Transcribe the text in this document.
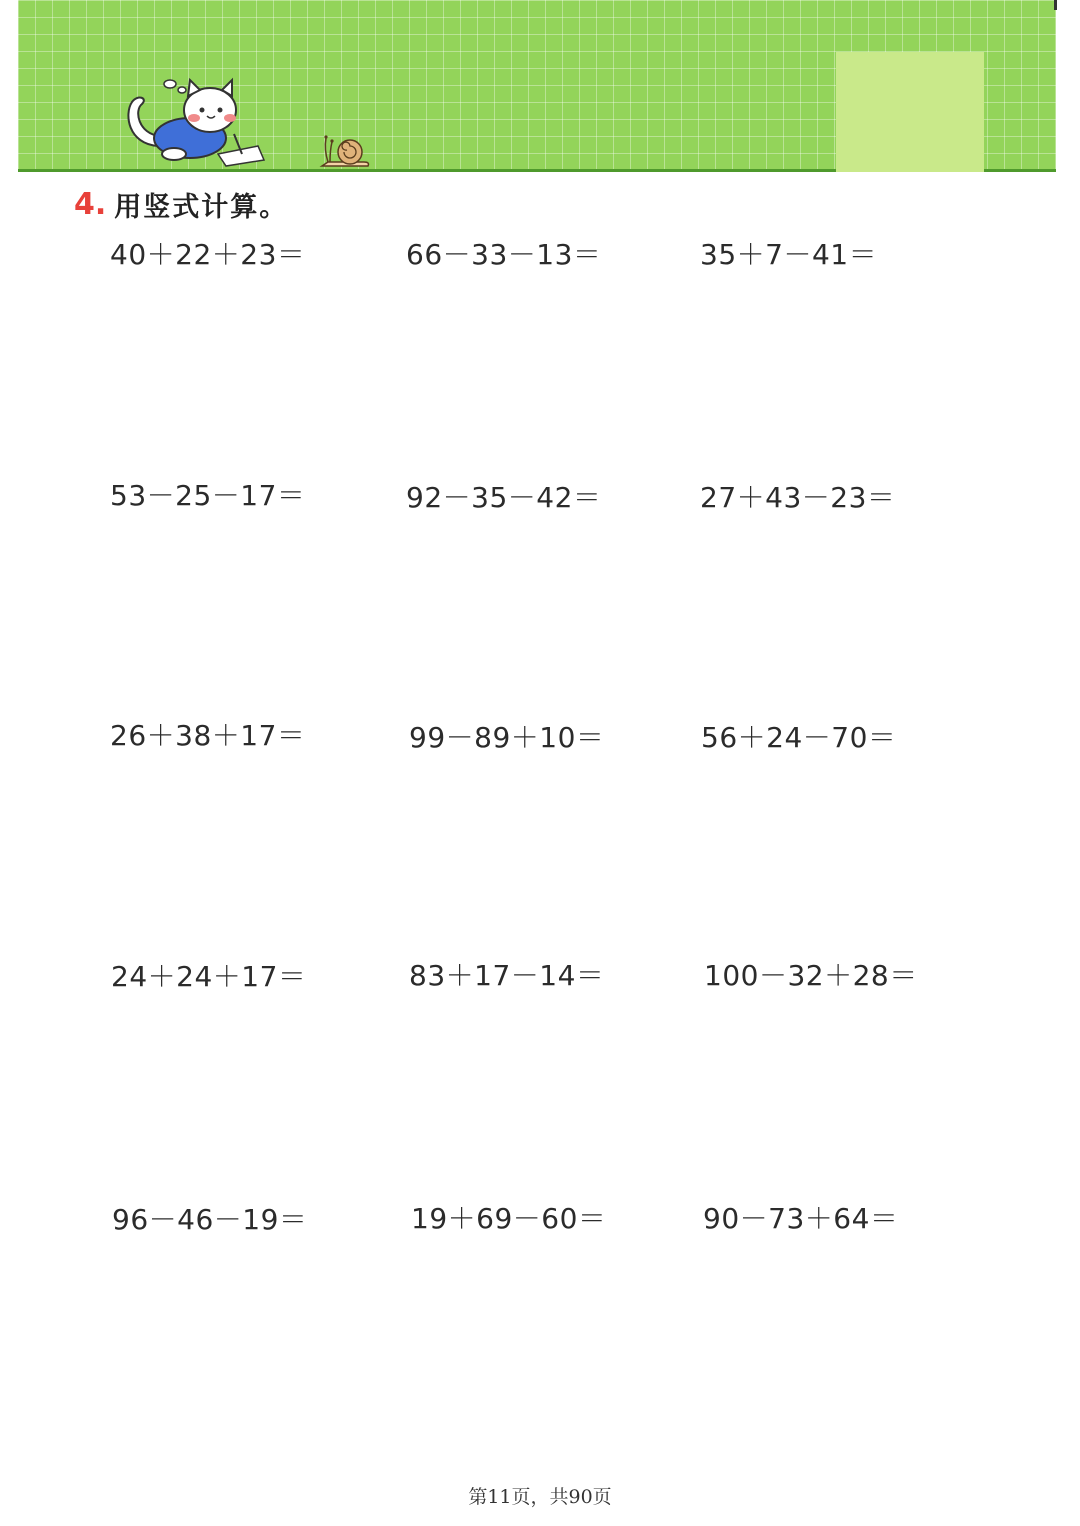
4. 用竖式计算。
40＋22＋23＝	66－33－13＝	35＋7－41＝
53－25－17＝	92－35－42＝	27＋43－23＝
26＋38＋17＝	99－89＋10＝	56＋24－70＝
24＋24＋17＝	83＋17－14＝	100－32＋28＝
96－46－19＝	19＋69－60＝	90－73＋64＝
第11页，共90页
